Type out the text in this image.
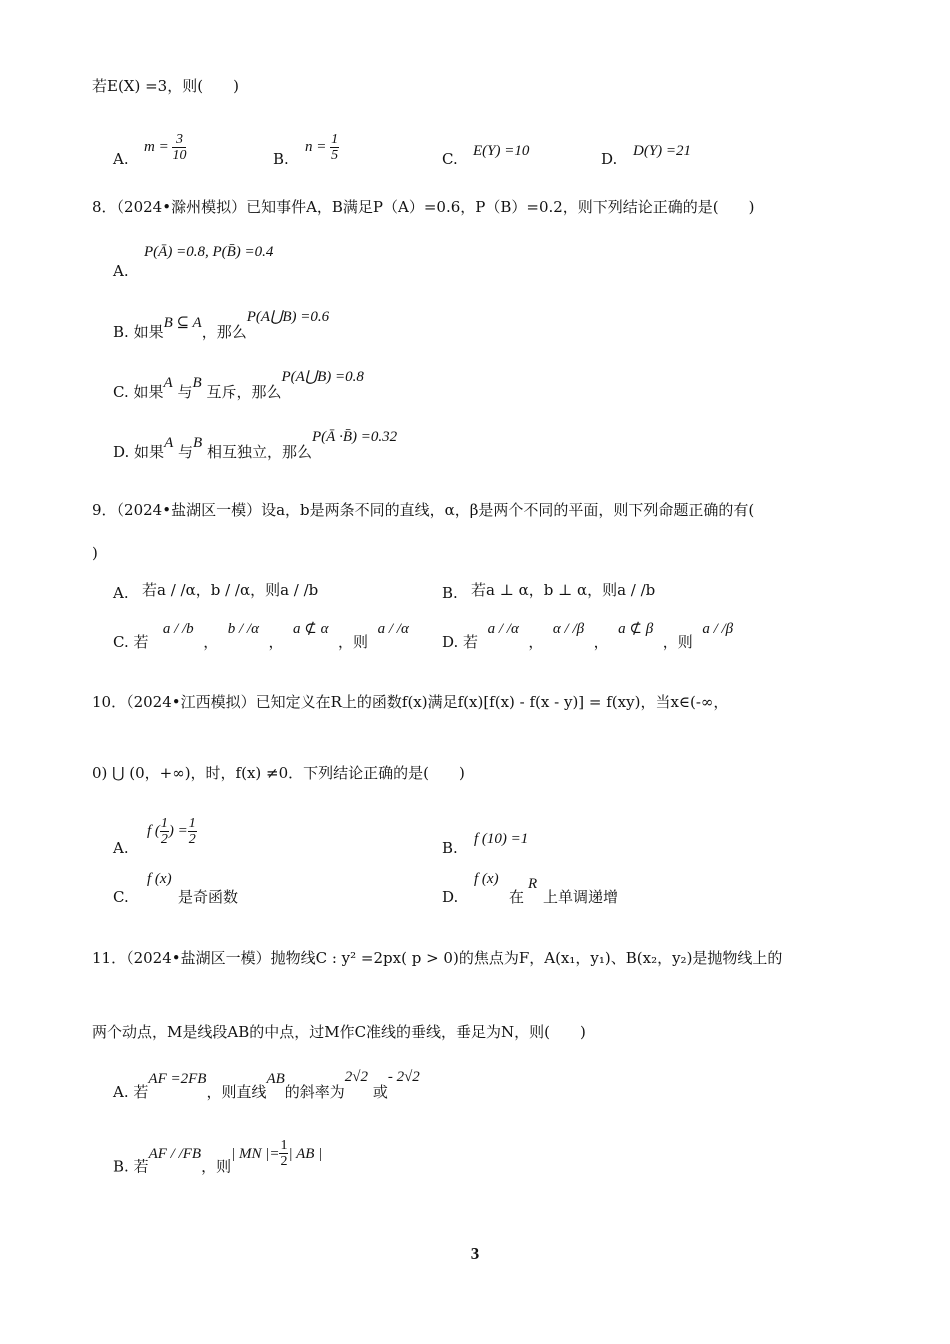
若E(X) =3，则(　　)
A.
$m = \frac{3}{10}$	B.
$n = \frac{1}{5}$	C. E(Y) =10	D. D(Y) =21
8．（2024•滁州模拟）已知事件A，B满足P（A）=0.6，P（B）=0.2，则下列结论正确的是(　　)
A.
P(Ā) =0.8, P(B̄) =0.4
B. 如果B ⊆ A，那么P(A⋃B) =0.6
C. 如果A 与B 互斥，那么P(A⋃B) =0.8
D. 如果A 与B 相互独立，那么P(Ā ·B̄) =0.32
9．（2024•盐湖区一模）设a，b是两条不同的直线，α，β是两个不同的平面，则下列命题正确的有(
)
A. 若a / /α，b / /α，则a / /b	B. 若a ⊥ α，b ⊥ α，则a / /b
C. 若   a / /b  ，  b / /α  ，  a ⊄ α  ，则  a / /α
D. 若  a / /α  ，  α / /β  ，  a ⊄ β  ，则  a / /β
10．（2024•江西模拟）已知定义在R上的函数f(x)满足f(x)[f(x) - f(x - y)] = f(xy)，当x∈(-∞，
0) ⋃ (0，+∞)，时，f(x) ≠0．下列结论正确的是(　　)
A.
f ( $\frac{1}{2}$ ) = $\frac{1}{2}$
B. f (10) =1
C.
f (x)
是奇函数	D.
f (x)
在
R
上单调递增
11．（2024•盐湖区一模）抛物线C : y² =2px( p > 0)的焦点为F，A(x₁，y₁)、B(x₂，y₂)是抛物线上的
两个动点，M是线段AB的中点，过M作C准线的垂线，垂足为N，则(　　)
A. 若AF =2FB，则直线AB的斜率为2√2 或- 2√2
B. 若AF / /FB，则| MN |= $\frac{1}{2}$ | AB |
3
